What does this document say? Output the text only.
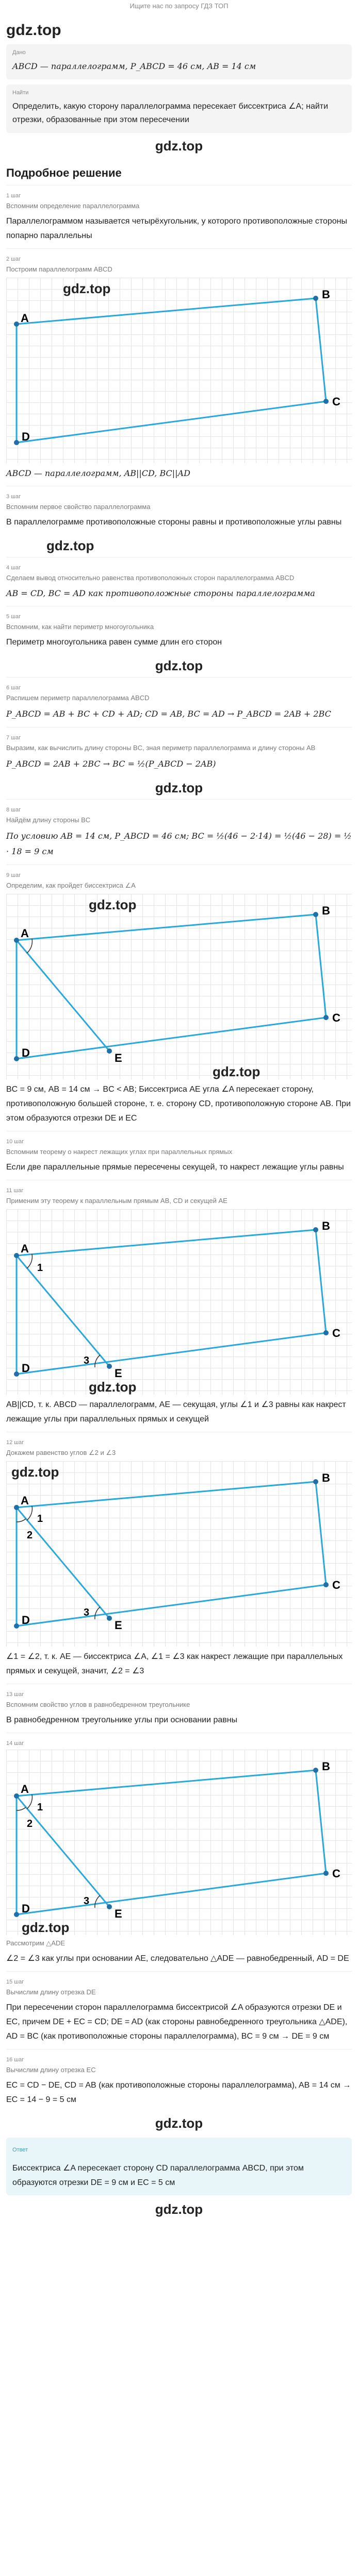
Ищите нас по запросу ГДЗ ТОП
gdz.top
Дано
ABCD — параллелограмм, P_ABCD = 46 см, AB = 14 см
Найти
Определить, какую сторону параллелограмма пересекает биссектриса ∠A; найти отрезки, образованные при этом пересечении
gdz.top
Подробное решение
1 шаг
Вспомним определение параллелограмма
Параллелограммом называется четырёхугольник, у которого противоположные стороны попарно параллельны
2 шаг
Построим параллелограмм ABCD
gdz.top
A
B
C
D
ABCD — параллелограмм, AB||CD, BC||AD
3 шаг
Вспомним первое свойство параллелограмма
В параллелограмме противоположные стороны равны и противоположные углы равны
gdz.top
4 шаг
Сделаем вывод относительно равенства противоположных сторон параллелограмма ABCD
AB = CD, BC = AD как противоположные стороны параллелограмма
5 шаг
Вспомним, как найти периметр многоугольника
Периметр многоугольника равен сумме длин его сторон
gdz.top
6 шаг
Распишем периметр параллелограмма ABCD
P_ABCD = AB + BC + CD + AD; CD = AB, BC = AD → P_ABCD = 2AB + 2BC
7 шаг
Выразим, как вычислить длину стороны BC, зная периметр параллелограмма и длину стороны AB
P_ABCD = 2AB + 2BC → BC = ½(P_ABCD − 2AB)
gdz.top
8 шаг
Найдём длину стороны BC
По условию AB = 14 см, P_ABCD = 46 см; BC = ½(46 − 2·14) = ½(46 − 28) = ½ · 18 = 9 см
9 шаг
Определим, как пройдет биссектриса ∠A
gdz.top
A
B
C
D	E
gdz.top
BC = 9 см, AB = 14 см → BC < AB; Биссектриса AE угла ∠A пересекает сторону, противоположную большей стороне, т. е. сторону CD, противоположную стороне AB. При этом образуются отрезки DE и EC
10 шаг
Вспомним теорему о накрест лежащих углах при параллельных прямых
Если две параллельные прямые пересечены секущей, то накрест лежащие углы равны
11 шаг
Применим эту теорему к параллельным прямым AB, CD и секущей AE
A
B
C
D	E
1
3
gdz.top
AB||CD, т. к. ABCD — параллелограмм, AE — секущая, углы ∠1 и ∠3 равны как накрест лежащие углы при параллельных прямых и секущей
12 шаг
Докажем равенство углов ∠2 и ∠3
gdz.top
A
B
C
D	E
1
2
3
∠1 = ∠2, т. к. AE — биссектриса ∠A, ∠1 = ∠3 как накрест лежащие при параллельных прямых и секущей, значит, ∠2 = ∠3
13 шаг
Вспомним свойство углов в равнобедренном треугольнике
В равнобедренном треугольнике углы при основании равны
14 шаг
A
B
C
D	E
1
2
3
gdz.top
Рассмотрим △ADE
∠2 = ∠3 как углы при основании AE, следовательно △ADE — равнобедренный, AD = DE
15 шаг
Вычислим длину отрезка DE
При пересечении сторон параллелограмма биссектрисой ∠A образуются отрезки DE и EC, причем DE + EC = CD; DE = AD (как стороны равнобедренного треугольника △ADE), AD = BC (как противоположные стороны параллелограмма), BC = 9 см → DE = 9 см
16 шаг
Вычислим длину отрезка EC
EC = CD − DE, CD = AB (как противоположные стороны параллелограмма), AB = 14 см → EC = 14 − 9 = 5 см
gdz.top
Ответ
Биссектриса ∠A пересекает сторону CD параллелограмма ABCD, при этом образуются отрезки DE = 9 см и EC = 5 см
gdz.top
